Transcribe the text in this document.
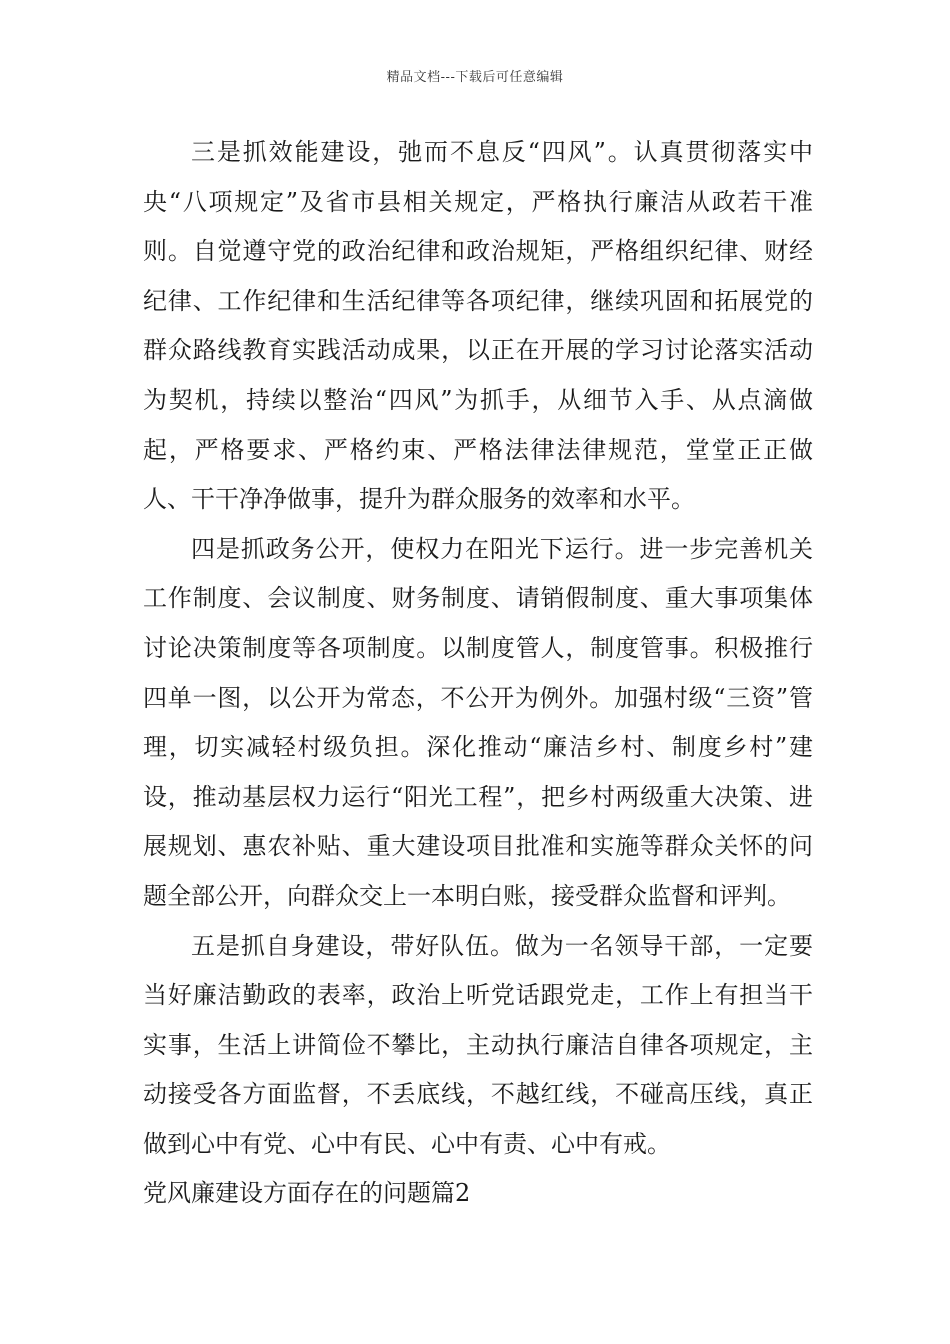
精品文档---下载后可任意编辑

三是抓效能建设，弛而不息反“四风”。认真贯彻落实中央“八项规定”及省市县相关规定，严格执行廉洁从政若干准则。自觉遵守党的政治纪律和政治规矩，严格组织纪律、财经纪律、工作纪律和生活纪律等各项纪律，继续巩固和拓展党的群众路线教育实践活动成果，以正在开展的学习讨论落实活动为契机，持续以整治“四风”为抓手，从细节入手、从点滴做起，严格要求、严格约束、严格法律法律规范，堂堂正正做人、干干净净做事，提升为群众服务的效率和水平。

四是抓政务公开，使权力在阳光下运行。进一步完善机关工作制度、会议制度、财务制度、请销假制度、重大事项集体讨论决策制度等各项制度。以制度管人，制度管事。积极推行四单一图，以公开为常态，不公开为例外。加强村级“三资”管理，切实减轻村级负担。深化推动“廉洁乡村、制度乡村”建设，推动基层权力运行“阳光工程”，把乡村两级重大决策、进展规划、惠农补贴、重大建设项目批准和实施等群众关怀的问题全部公开，向群众交上一本明白账，接受群众监督和评判。

五是抓自身建设，带好队伍。做为一名领导干部，一定要当好廉洁勤政的表率，政治上听党话跟党走，工作上有担当干实事，生活上讲简俭不攀比，主动执行廉洁自律各项规定，主动接受各方面监督，不丢底线，不越红线，不碰高压线，真正做到心中有党、心中有民、心中有责、心中有戒。

党风廉建设方面存在的问题篇2
